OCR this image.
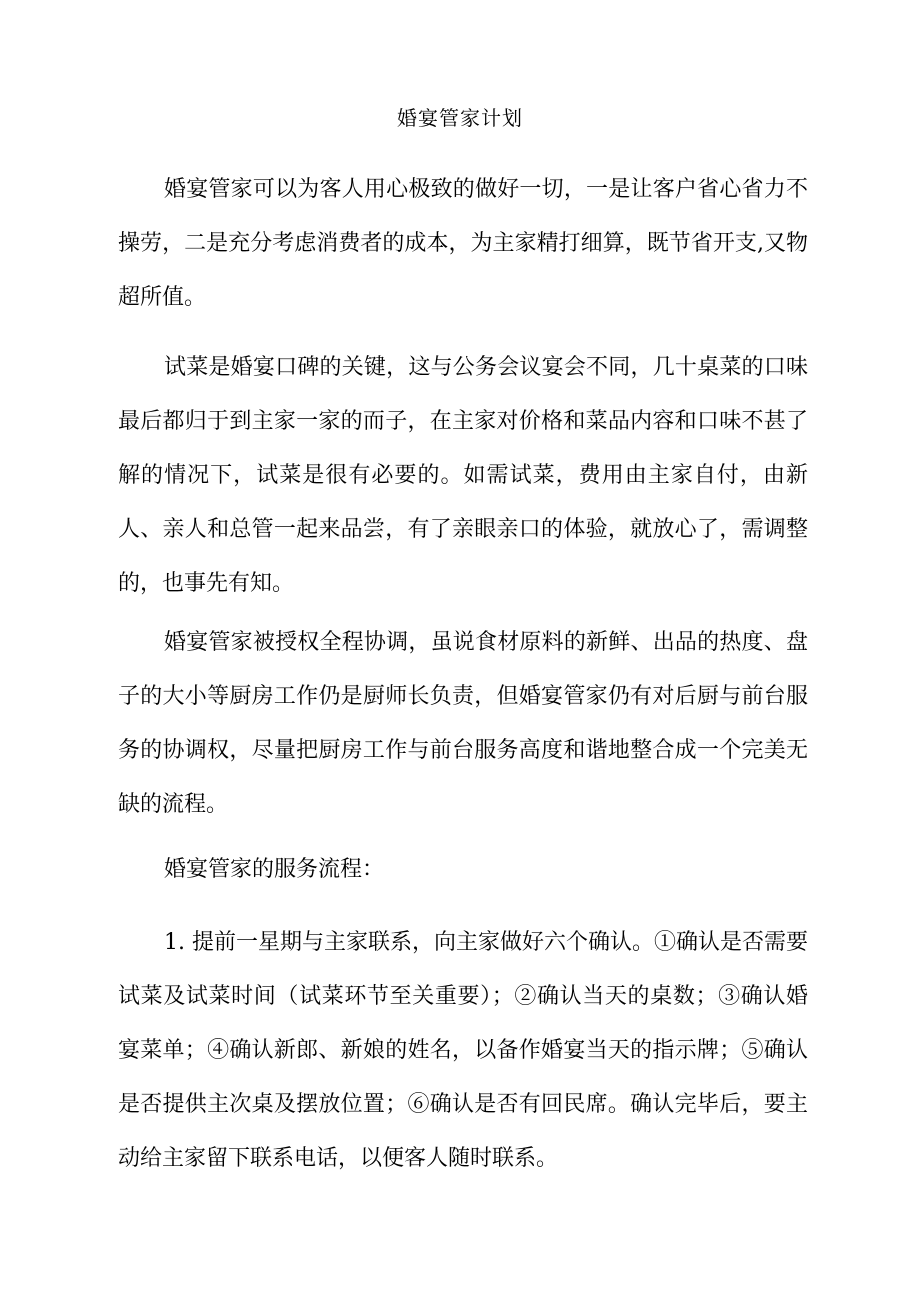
婚宴管家计划

婚宴管家可以为客人用心极致的做好一切，一是让客户省心省力不操劳，二是充分考虑消费者的成本，为主家精打细算，既节省开支,又物超所值。

试菜是婚宴口碑的关键，这与公务会议宴会不同，几十桌菜的口味最后都归于到主家一家的而子，在主家对价格和菜品内容和口味不甚了解的情况下，试菜是很有必要的。如需试菜，费用由主家自付，由新人、亲人和总管一起来品尝，有了亲眼亲口的体验，就放心了，需调整的，也事先有知。

婚宴管家被授权全程协调，虽说食材原料的新鲜、出品的热度、盘子的大小等厨房工作仍是厨师长负责，但婚宴管家仍有对后厨与前台服务的协调权，尽量把厨房工作与前台服务高度和谐地整合成一个完美无缺的流程。

婚宴管家的服务流程：

1. 提前一星期与主家联系，向主家做好六个确认。①确认是否需要试菜及试菜时间（试菜环节至关重要）；②确认当天的桌数；③确认婚宴菜单；④确认新郎、新娘的姓名，以备作婚宴当天的指示牌；⑤确认是否提供主次桌及摆放位置；⑥确认是否有回民席。确认完毕后，要主动给主家留下联系电话，以便客人随时联系。
